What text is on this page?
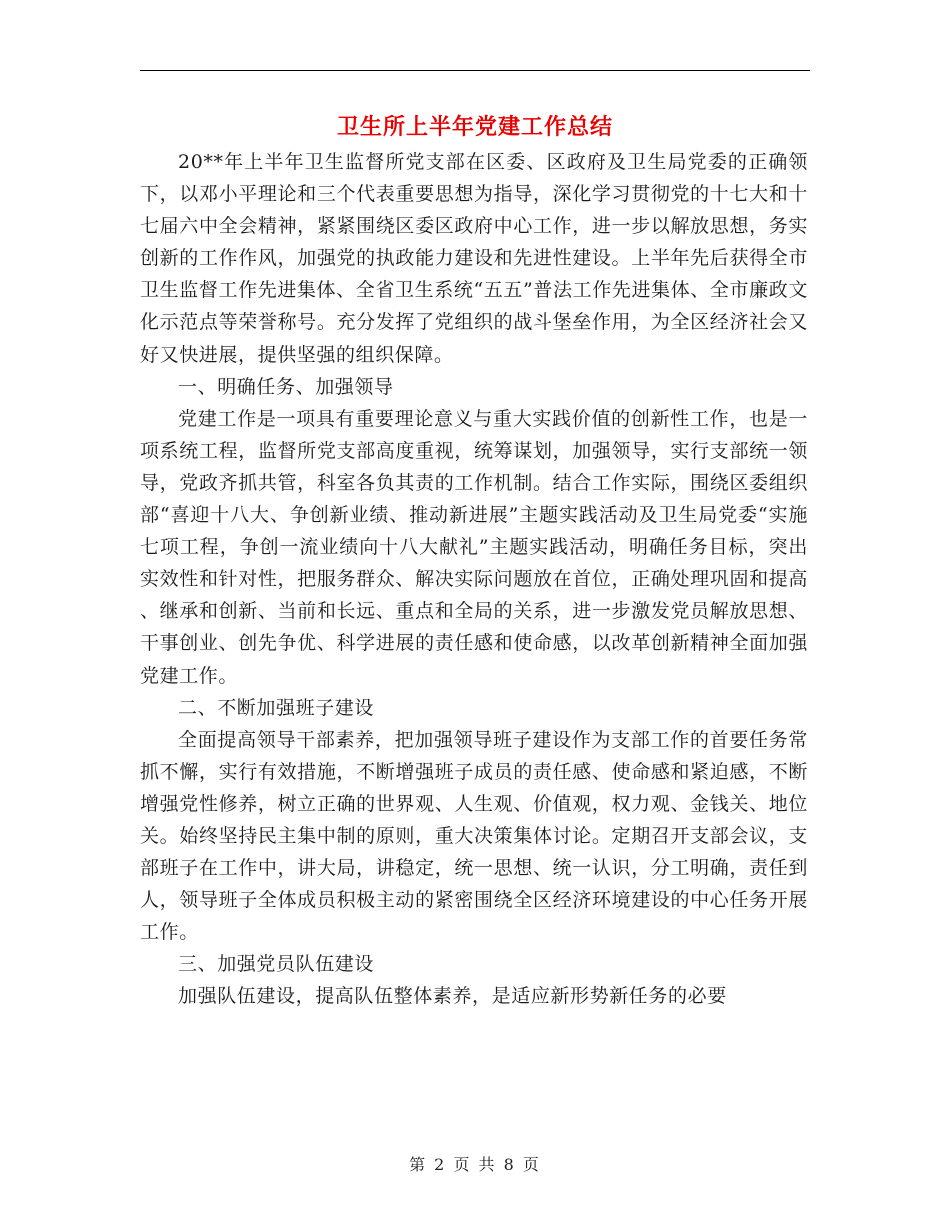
卫生所上半年党建工作总结

20**年上半年卫生监督所党支部在区委、区政府及卫生局党委的正确领下，以邓小平理论和三个代表重要思想为指导，深化学习贯彻党的十七大和十七届六中全会精神，紧紧围绕区委区政府中心工作，进一步以解放思想，务实创新的工作作风，加强党的执政能力建设和先进性建设。上半年先后获得全市卫生监督工作先进集体、全省卫生系统“五五”普法工作先进集体、全市廉政文化示范点等荣誉称号。充分发挥了党组织的战斗堡垒作用，为全区经济社会又好又快进展，提供坚强的组织保障。

一、明确任务、加强领导

党建工作是一项具有重要理论意义与重大实践价值的创新性工作，也是一项系统工程，监督所党支部高度重视，统筹谋划，加强领导，实行支部统一领导，党政齐抓共管，科室各负其责的工作机制。结合工作实际，围绕区委组织部“喜迎十八大、争创新业绩、推动新进展”主题实践活动及卫生局党委“实施七项工程，争创一流业绩向十八大献礼”主题实践活动，明确任务目标，突出实效性和针对性，把服务群众、解决实际问题放在首位，正确处理巩固和提高、继承和创新、当前和长远、重点和全局的关系，进一步激发党员解放思想、干事创业、创先争优、科学进展的责任感和使命感，以改革创新精神全面加强党建工作。

二、不断加强班子建设

全面提高领导干部素养，把加强领导班子建设作为支部工作的首要任务常抓不懈，实行有效措施，不断增强班子成员的责任感、使命感和紧迫感，不断增强党性修养，树立正确的世界观、人生观、价值观，权力观、金钱关、地位关。始终坚持民主集中制的原则，重大决策集体讨论。定期召开支部会议，支部班子在工作中，讲大局，讲稳定，统一思想、统一认识，分工明确，责任到人，领导班子全体成员积极主动的紧密围绕全区经济环境建设的中心任务开展工作。

三、加强党员队伍建设

加强队伍建设，提高队伍整体素养，是适应新形势新任务的必要

第 2 页 共 8 页
